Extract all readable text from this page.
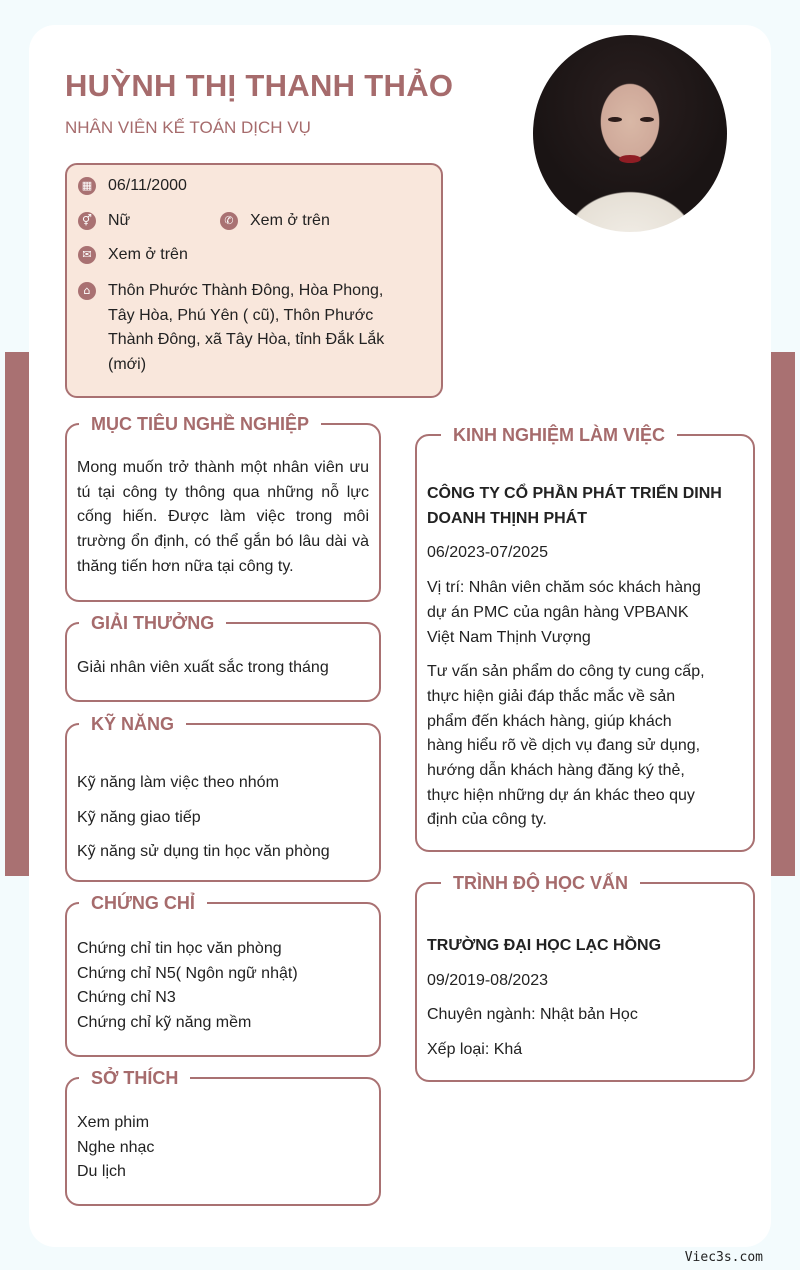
HUỲNH THỊ THANH THẢO
NHÂN VIÊN KẾ TOÁN DỊCH VỤ
▦ 06/11/2000
⚥ Nữ	✆ Xem ở trên
✉ Xem ở trên
⌂	Thôn Phước Thành Đông, Hòa Phong,
Tây Hòa, Phú Yên ( cũ), Thôn Phước
Thành Đông, xã Tây Hòa, tỉnh Đắk Lắk
(mới)
MỤC TIÊU NGHỀ NGHIỆP
Mong muốn trở thành một nhân viên ưu tú tại công ty thông qua những nỗ lực cống hiến. Được làm việc trong môi trường ổn định, có thể gắn bó lâu dài và thăng tiến hơn nữa tại công ty.
GIẢI THƯỞNG
Giải nhân viên xuất sắc trong tháng
KỸ NĂNG
Kỹ năng làm việc theo nhóm
Kỹ năng giao tiếp
Kỹ năng sử dụng tin học văn phòng
CHỨNG CHỈ
Chứng chỉ tin học văn phòng
Chứng chỉ N5( Ngôn ngữ nhật)
Chứng chỉ N3
Chứng chỉ kỹ năng mềm
SỞ THÍCH
Xem phim
Nghe nhạc
Du lịch
KINH NGHIỆM LÀM VIỆC
CÔNG TY CỔ PHẦN PHÁT TRIỂN DINH
DOANH THỊNH PHÁT
06/2023-07/2025
Vị trí: Nhân viên chăm sóc khách hàng
dự án PMC của ngân hàng VPBANK
Việt Nam Thịnh Vượng
Tư vấn sản phẩm do công ty cung cấp,
thực hiện giải đáp thắc mắc về sản
phẩm đến khách hàng, giúp khách
hàng hiểu rõ về dịch vụ đang sử dụng,
hướng dẫn khách hàng đăng ký thẻ,
thực hiện những dự án khác theo quy
định của công ty.
TRÌNH ĐỘ HỌC VẤN
TRƯỜNG ĐẠI HỌC LẠC HỒNG
09/2019-08/2023
Chuyên ngành: Nhật bản Học
Xếp loại: Khá
Viec3s.com
